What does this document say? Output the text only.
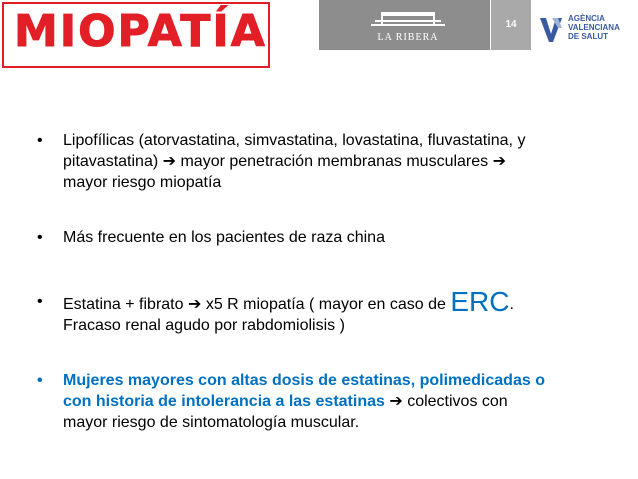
MIOPATÍA	LA RIBERA
14
AGÈNCIA
VALENCIANA
DE SALUT
• Lipofílicas (atorvastatina, simvastatina, lovastatina, fluvastatina, y
pitavastatina) ➔ mayor penetración membranas musculares ➔
mayor riesgo miopatía
• Más frecuente en los pacientes de raza china
• Estatina + fibrato ➔ x5 R miopatía ( mayor en caso de ERC.
Fracaso renal agudo por rabdomiolisis )
• Mujeres mayores con altas dosis de estatinas, polimedicadas o
con historia de intolerancia a las estatinas ➔ colectivos con
mayor riesgo de sintomatología muscular.
